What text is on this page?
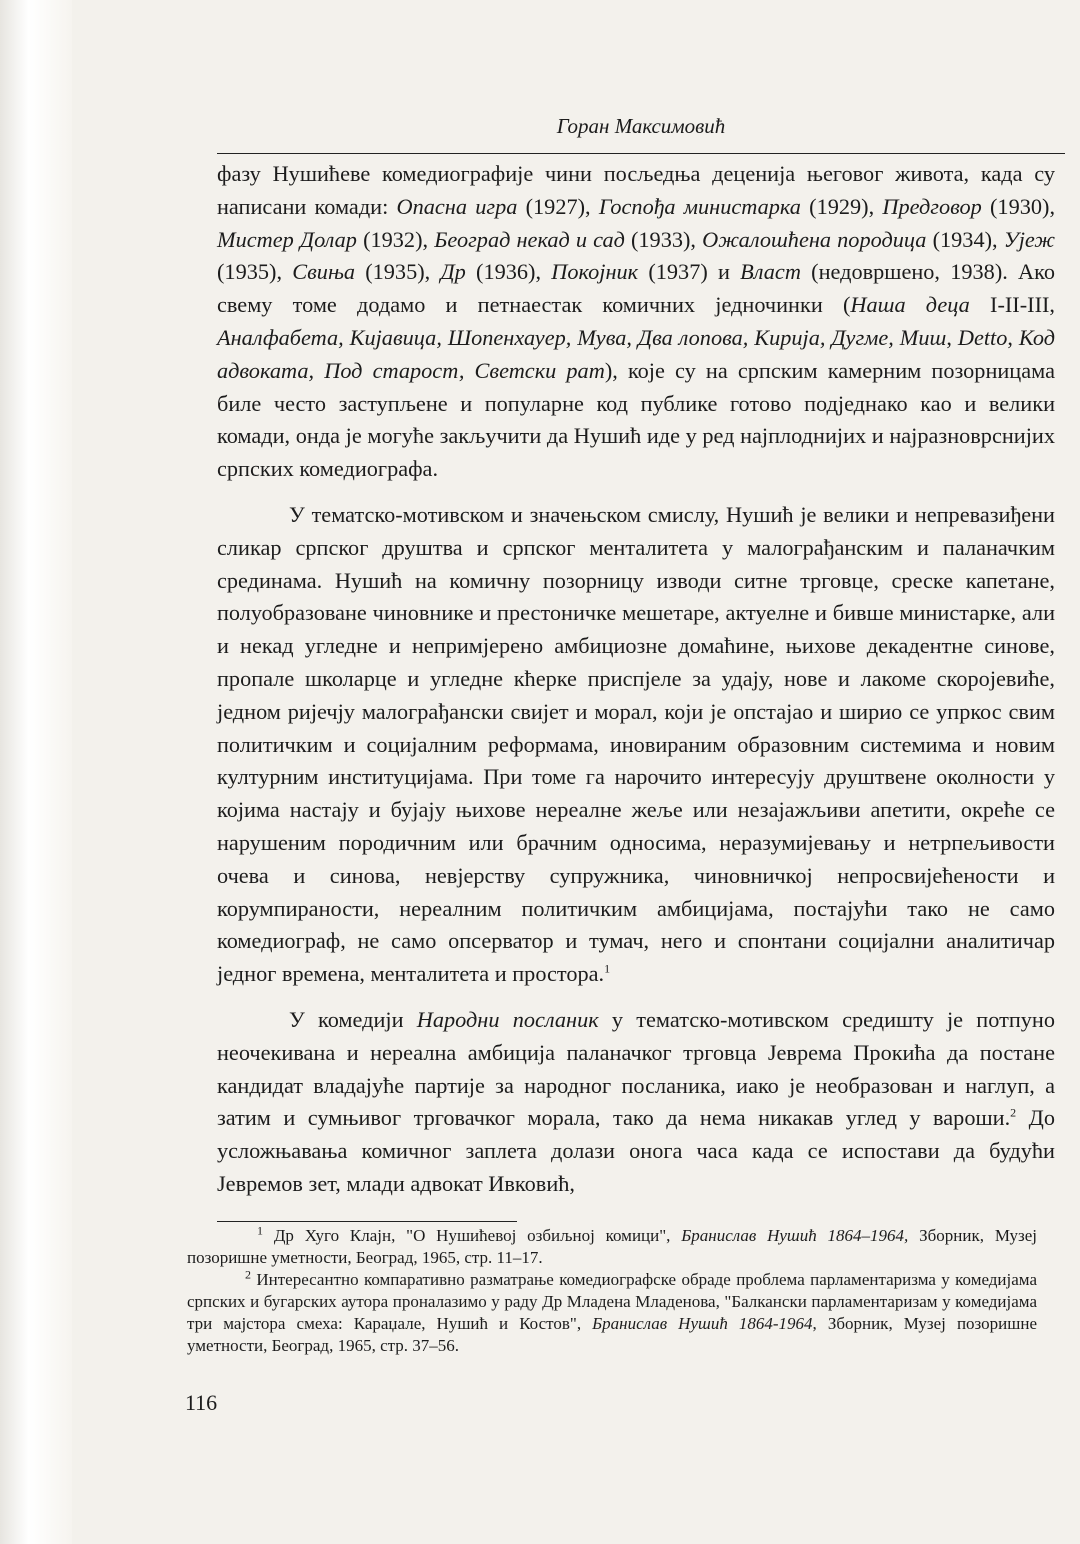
Горан Максимовић

фазу Нушићеве комедиографије чини посљедња деценија његовог живота, када су написани комади: Опасна игра (1927), Госпођа министарка (1929), Предговор (1930), Мистер Долар (1932), Београд некад и сад (1933), Ожалошћена породица (1934), Ујеж (1935), Свиња (1935), Др (1936), Покојник (1937) и Власт (недовршено, 1938). Ако свему томе додамо и петнаестак комичних једночинки (Наша деца I-II-III, Аналфабета, Кијавица, Шопенхауер, Мува, Два лопова, Кирија, Дугме, Миш, Detto, Код адвоката, Под старост, Светски рат), које су на српским камерним позорницама биле често заступљене и популарне код публике готово подједнако као и велики комади, онда је могуће закључити да Нушић иде у ред најплоднијих и најразноврснијих српских комедиографа.

У тематско-мотивском и значењском смислу, Нушић је велики и непревазиђени сликар српског друштва и српског менталитета у малограђанским и паланачким срединама. Нушић на комичну позорницу изводи ситне трговце, среске капетане, полуобразоване чиновнике и престоничке мешетаре, актуелне и бивше министарке, али и некад угледне и непримјерено амбициозне домаћине, њихове декадентне синове, пропале школарце и угледне кћерке приспјеле за удају, нове и лакоме скоројевиће, једном ријечју малограђански свијет и морал, који је опстајао и ширио се упркос свим политичким и социјалним реформама, иновираним образовним системима и новим културним институцијама. При томе га нарочито интересују друштвене околности у којима настају и бујају њихове нереалне жеље или незајажљиви апетити, окреће се нарушеним породичним или брачним односима, неразумијевању и нетрпељивости очева и синова, невјерству супружника, чиновничкој непросвијећености и корумпираности, нереалним политичким амбицијама, постајући тако не само комедиограф, не само опсерватор и тумач, него и спонтани социјални аналитичар једног времена, менталитета и простора.$^1$

У комедији Народни посланик у тематско-мотивском средишту је потпуно неочекивана и нереална амбиција паланачког трговца Јеврема Прокића да постане кандидат владајуће партије за народног посланика, иако је необразован и наглуп, а затим и сумњивог трговачког морала, тако да нема никакав углед у вароши.$^2$ До усложњавања комичног заплета долази онога часа када се испостави да будући Јевремов зет, млади адвокат Ивковић,

$^1$ Др Хуго Клајн, "О Нушићевој озбиљној комици", Бранислав Нушић 1864–1964, Зборник, Музеј позоришне уметности, Београд, 1965, стр. 11–17.

$^2$ Интересантно компаративно разматрање комедиографске обраде проблема парламентаризма у комедијама српских и бугарских аутора проналазимо у раду Др Младена Младенова, "Балкански парламентаризам у комедијама три мајстора смеха: Караџале, Нушић и Костов", Бранислав Нушић 1864-1964, Зборник, Музеј позоришне уметности, Београд, 1965, стр. 37–56.

116
